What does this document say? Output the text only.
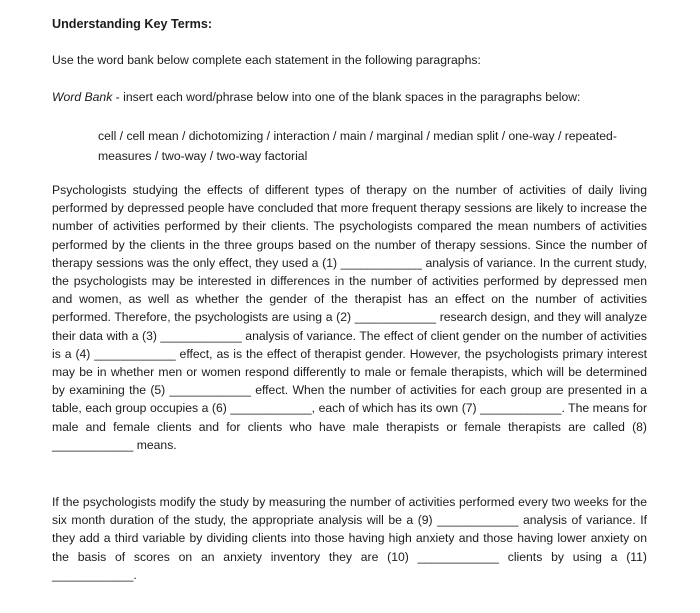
Understanding Key Terms:
Use the word bank below complete each statement in the following paragraphs:
Word Bank - insert each word/phrase below into one of the blank spaces in the paragraphs below:
cell / cell mean / dichotomizing / interaction / main / marginal / median split / one-way / repeated-measures / two-way / two-way factorial
Psychologists studying the effects of different types of therapy on the number of activities of daily living performed by depressed people have concluded that more frequent therapy sessions are likely to increase the number of activities performed by their clients. The psychologists compared the mean numbers of activities performed by the clients in the three groups based on the number of therapy sessions. Since the number of therapy sessions was the only effect, they used a (1) ____________ analysis of variance. In the current study, the psychologists may be interested in differences in the number of activities performed by depressed men and women, as well as whether the gender of the therapist has an effect on the number of activities performed. Therefore, the psychologists are using a (2) ____________ research design, and they will analyze their data with a (3) ____________ analysis of variance. The effect of client gender on the number of activities is a (4) ____________ effect, as is the effect of therapist gender. However, the psychologists primary interest may be in whether men or women respond differently to male or female therapists, which will be determined by examining the (5) ____________ effect. When the number of activities for each group are presented in a table, each group occupies a (6) ____________, each of which has its own (7) ____________. The means for male and female clients and for clients who have male therapists or female therapists are called (8) ____________ means.
If the psychologists modify the study by measuring the number of activities performed every two weeks for the six month duration of the study, the appropriate analysis will be a (9) ____________ analysis of variance. If they add a third variable by dividing clients into those having high anxiety and those having lower anxiety on the basis of scores on an anxiety inventory they are (10) ____________ clients by using a (11) ____________.
